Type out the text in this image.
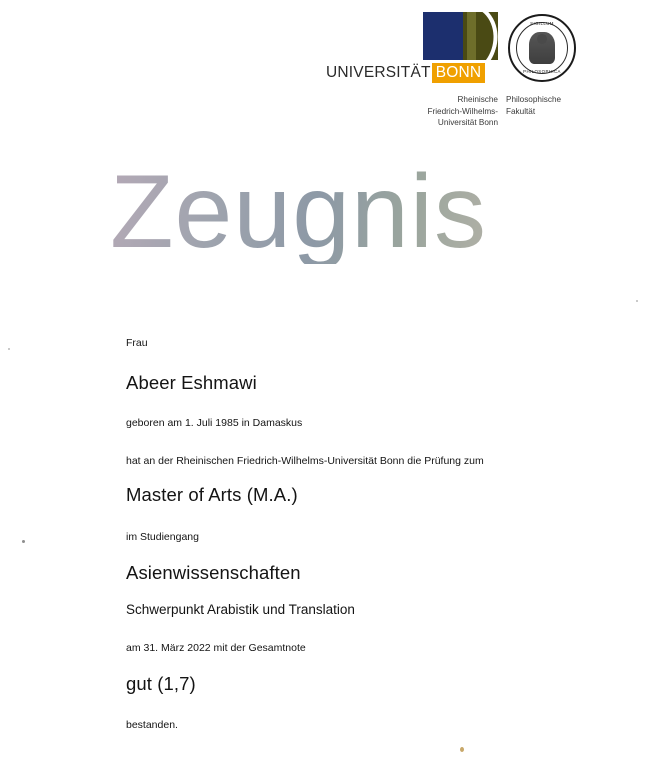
UNIVERSITÄT BONN
SIGILLUM
PHILOSOPHICA
Rheinische
Friedrich-Wilhelms-
Universität Bonn
Philosophische
Fakultät
Zeugnis
Frau
Abeer Eshmawi
geboren am 1. Juli 1985 in Damaskus
hat an der Rheinischen Friedrich-Wilhelms-Universität Bonn die Prüfung zum
Master of Arts (M.A.)
im Studiengang
Asienwissenschaften
Schwerpunkt Arabistik und Translation
am 31. März 2022 mit der Gesamtnote
gut (1,7)
bestanden.
